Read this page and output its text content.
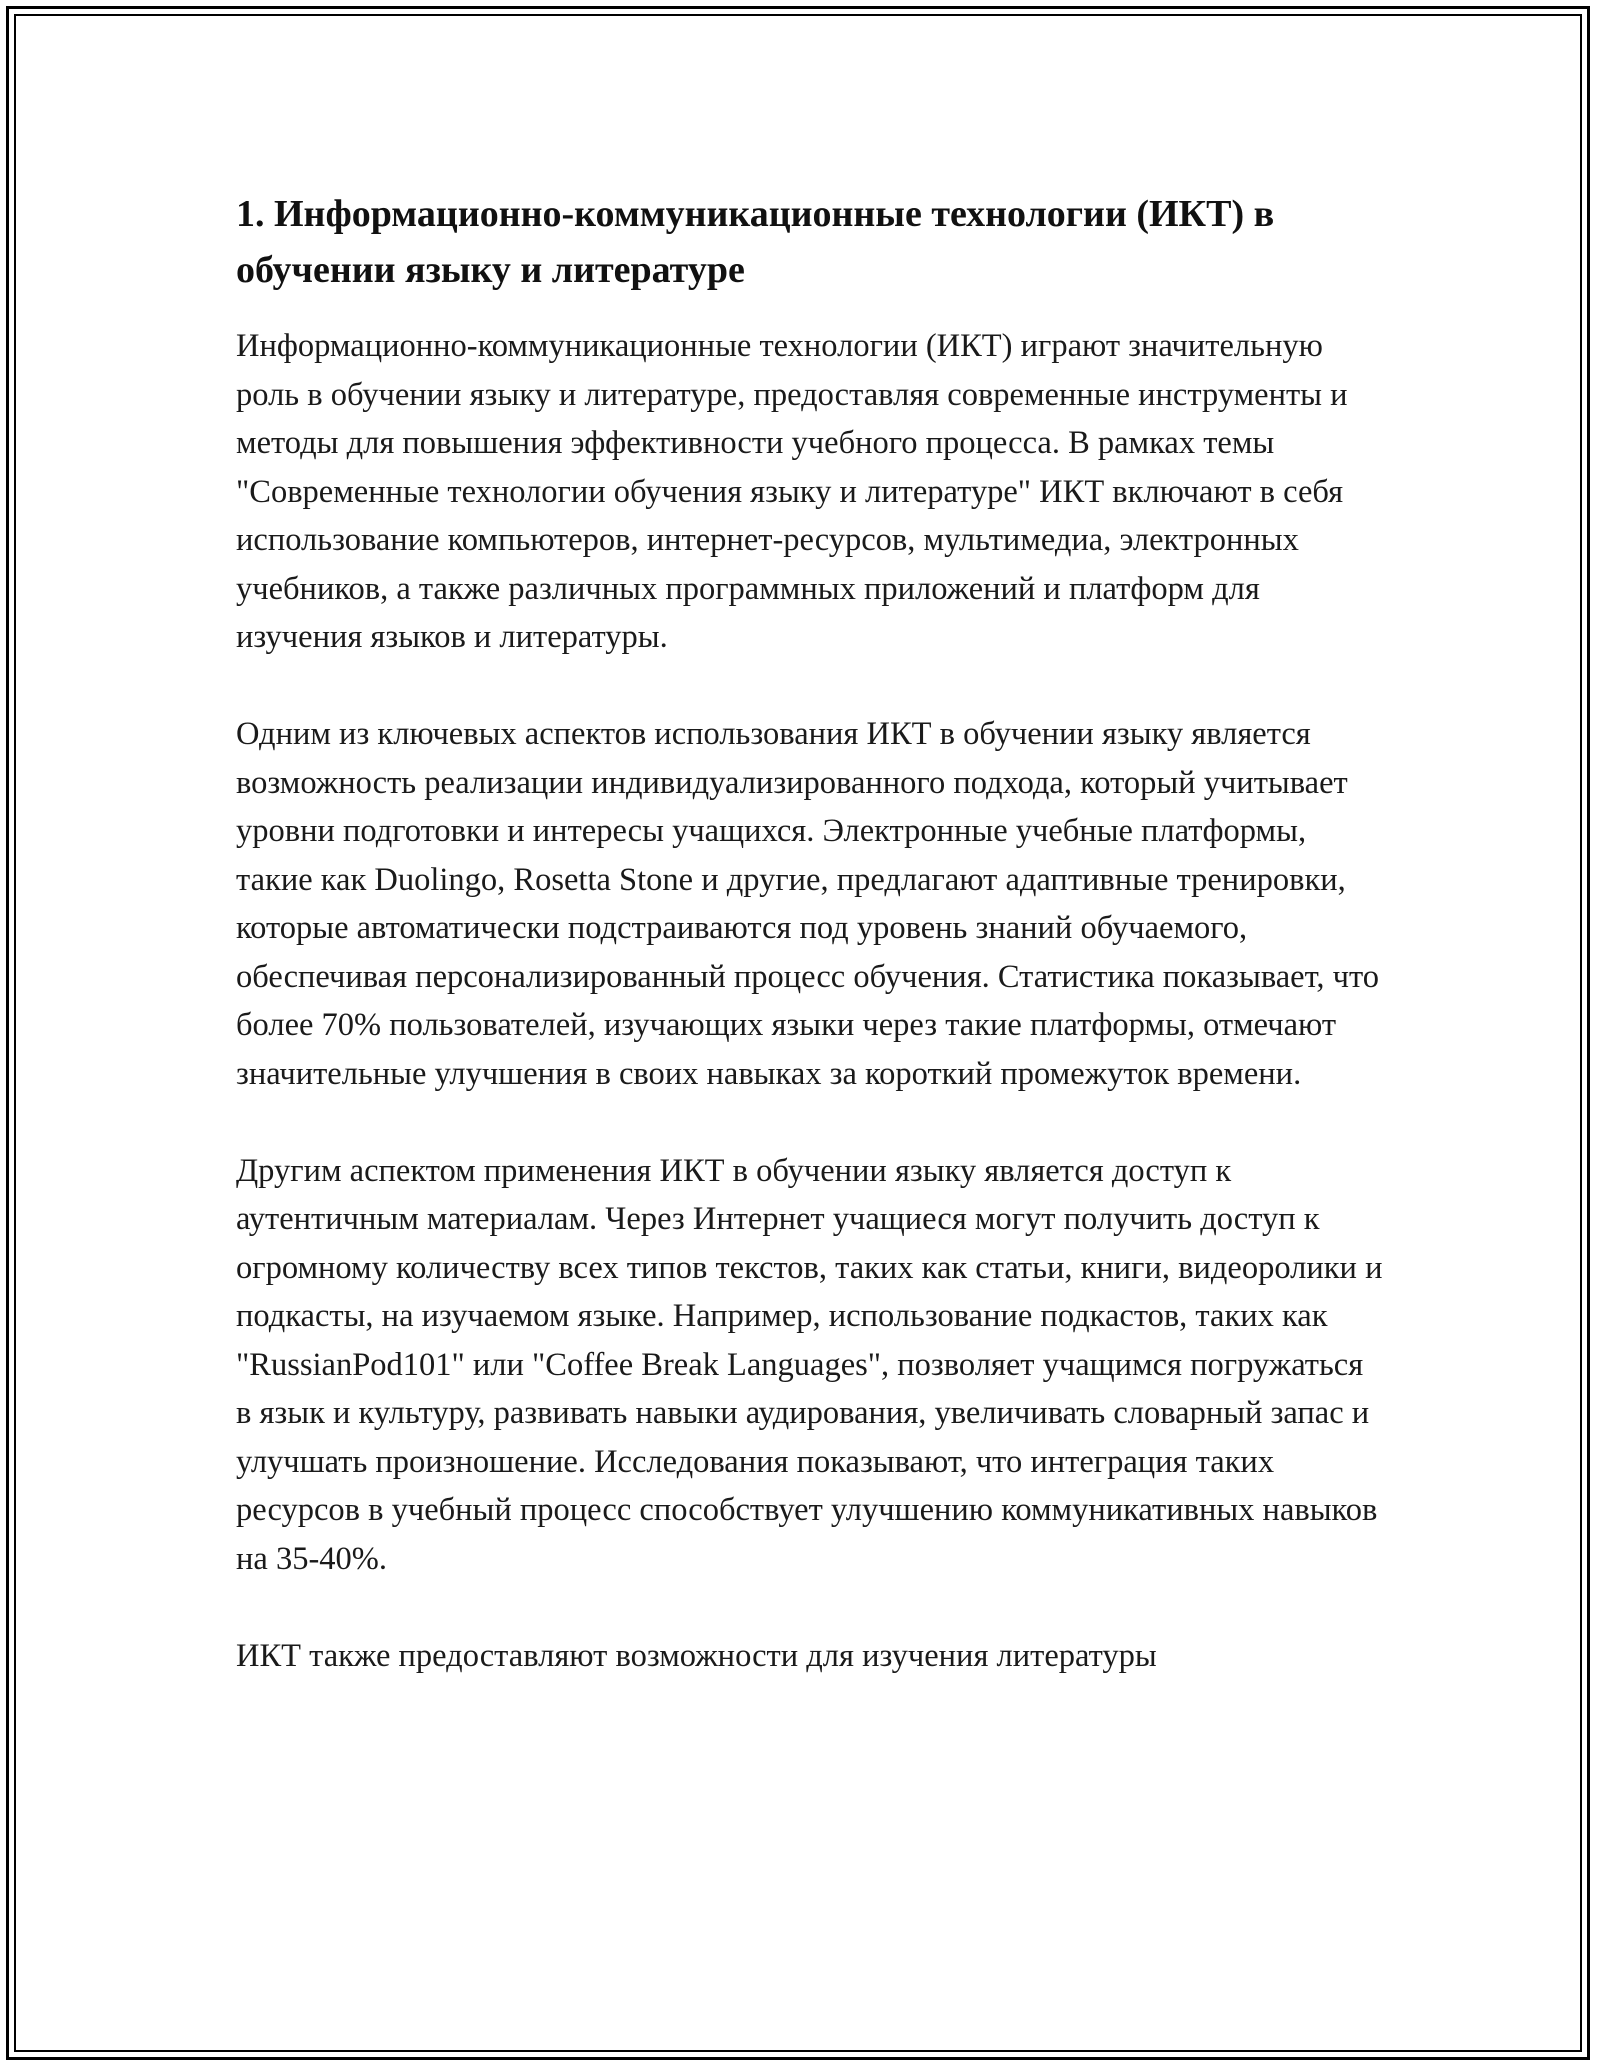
1. Информационно-коммуникационные технологии (ИКТ) в обучении языку и литературе

Информационно-коммуникационные технологии (ИКТ) играют значительную роль в обучении языку и литературе, предоставляя современные инструменты и методы для повышения эффективности учебного процесса. В рамках темы "Современные технологии обучения языку и литературе" ИКТ включают в себя использование компьютеров, интернет-ресурсов, мультимедиа, электронных учебников, а также различных программных приложений и платформ для изучения языков и литературы.

Одним из ключевых аспектов использования ИКТ в обучении языку является возможность реализации индивидуализированного подхода, который учитывает уровни подготовки и интересы учащихся. Электронные учебные платформы, такие как Duolingo, Rosetta Stone и другие, предлагают адаптивные тренировки, которые автоматически подстраиваются под уровень знаний обучаемого, обеспечивая персонализированный процесс обучения. Статистика показывает, что более 70% пользователей, изучающих языки через такие платформы, отмечают значительные улучшения в своих навыках за короткий промежуток времени.

Другим аспектом применения ИКТ в обучении языку является доступ к аутентичным материалам. Через Интернет учащиеся могут получить доступ к огромному количеству всех типов текстов, таких как статьи, книги, видеоролики и подкасты, на изучаемом языке. Например, использование подкастов, таких как "RussianPod101" или "Coffee Break Languages", позволяет учащимся погружаться в язык и культуру, развивать навыки аудирования, увеличивать словарный запас и улучшать произношение. Исследования показывают, что интеграция таких ресурсов в учебный процесс способствует улучшению коммуникативных навыков на 35-40%.

ИКТ также предоставляют возможности для изучения литературы
